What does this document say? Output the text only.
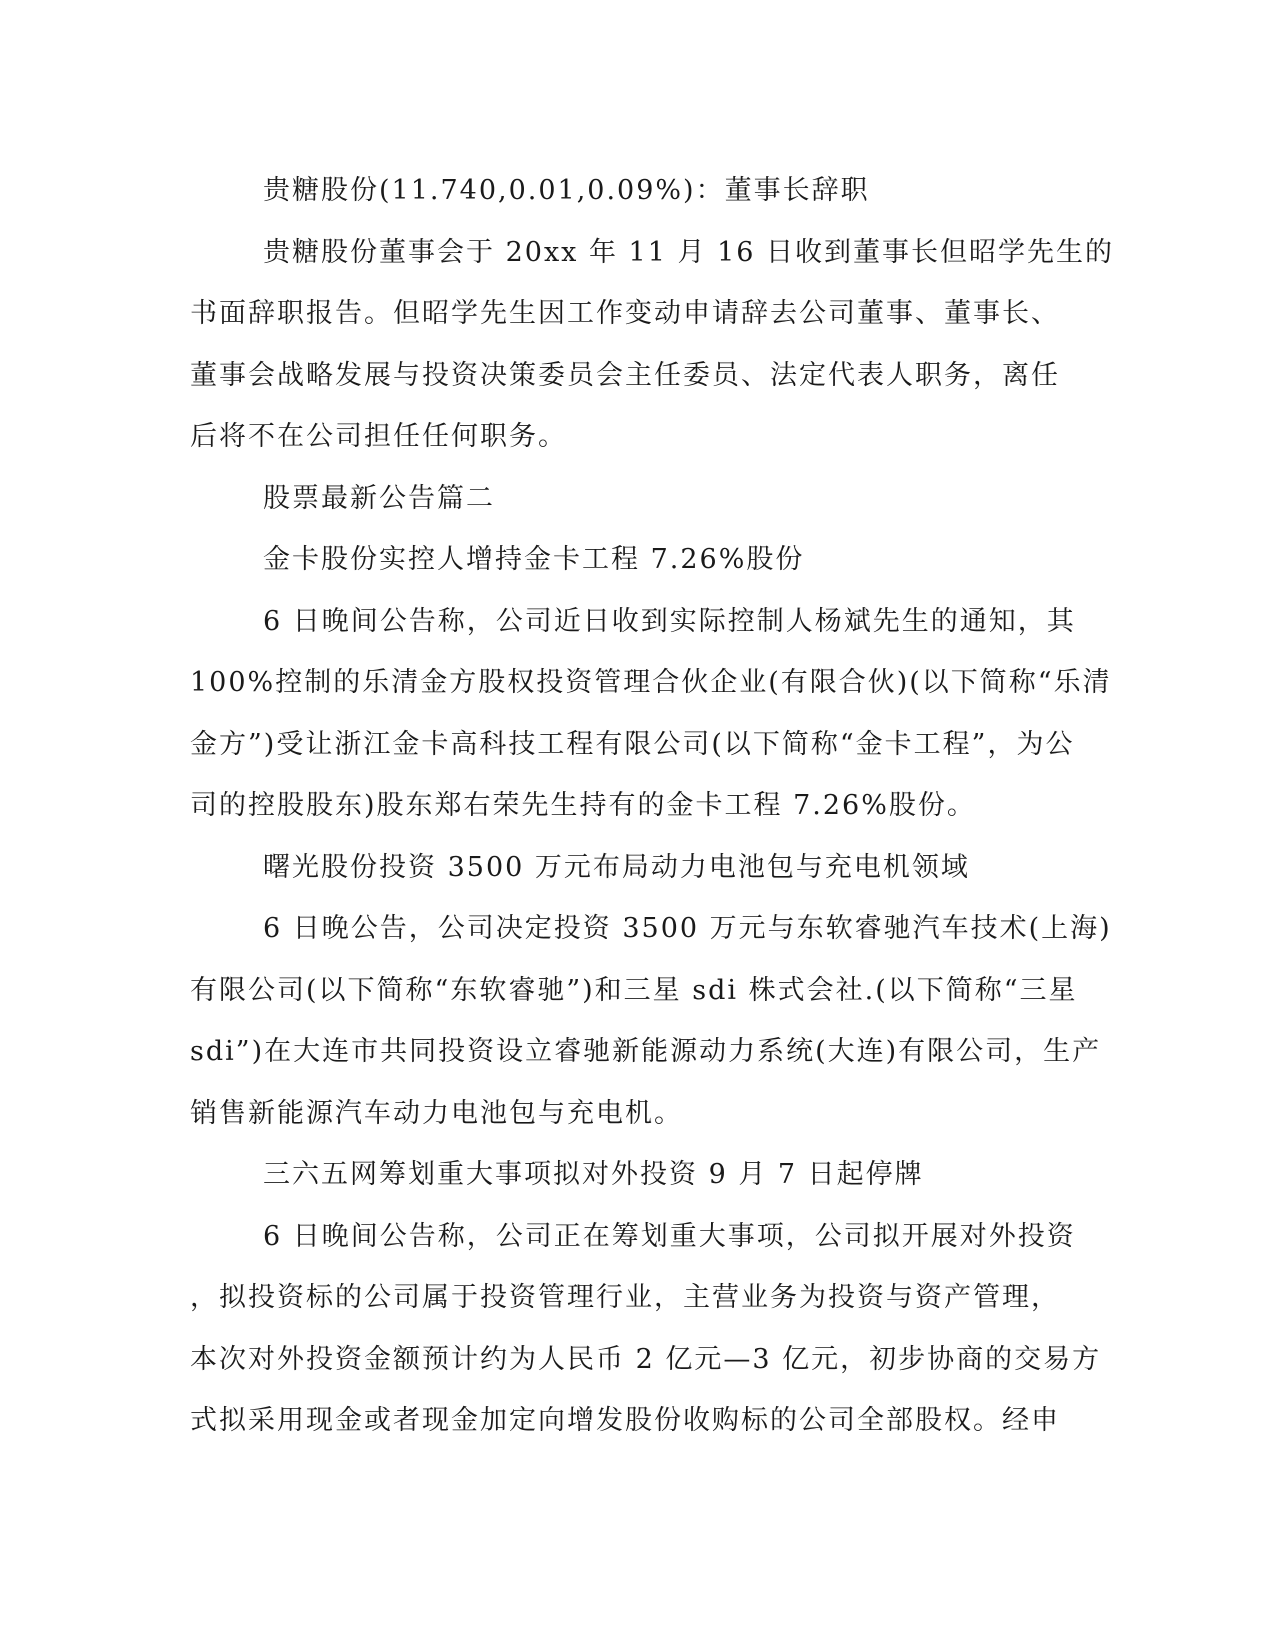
贵糖股份(11.740,0.01,0.09%)：董事长辞职

贵糖股份董事会于 20xx 年 11 月 16 日收到董事长但昭学先生的

书面辞职报告。但昭学先生因工作变动申请辞去公司董事、董事长、

董事会战略发展与投资决策委员会主任委员、法定代表人职务，离任

后将不在公司担任任何职务。

股票最新公告篇二

金卡股份实控人增持金卡工程 7.26%股份

6 日晚间公告称，公司近日收到实际控制人杨斌先生的通知，其

100%控制的乐清金方股权投资管理合伙企业(有限合伙)(以下简称“乐清

金方”)受让浙江金卡高科技工程有限公司(以下简称“金卡工程”，为公

司的控股股东)股东郑右荣先生持有的金卡工程 7.26%股份。

曙光股份投资 3500 万元布局动力电池包与充电机领域

6 日晚公告，公司决定投资 3500 万元与东软睿驰汽车技术(上海)

有限公司(以下简称“东软睿驰”)和三星 sdi 株式会社.(以下简称“三星

sdi”)在大连市共同投资设立睿驰新能源动力系统(大连)有限公司，生产

销售新能源汽车动力电池包与充电机。

三六五网筹划重大事项拟对外投资 9 月 7 日起停牌

6 日晚间公告称，公司正在筹划重大事项，公司拟开展对外投资

，拟投资标的公司属于投资管理行业，主营业务为投资与资产管理，

本次对外投资金额预计约为人民币 2 亿元—3 亿元，初步协商的交易方

式拟采用现金或者现金加定向增发股份收购标的公司全部股权。经申
